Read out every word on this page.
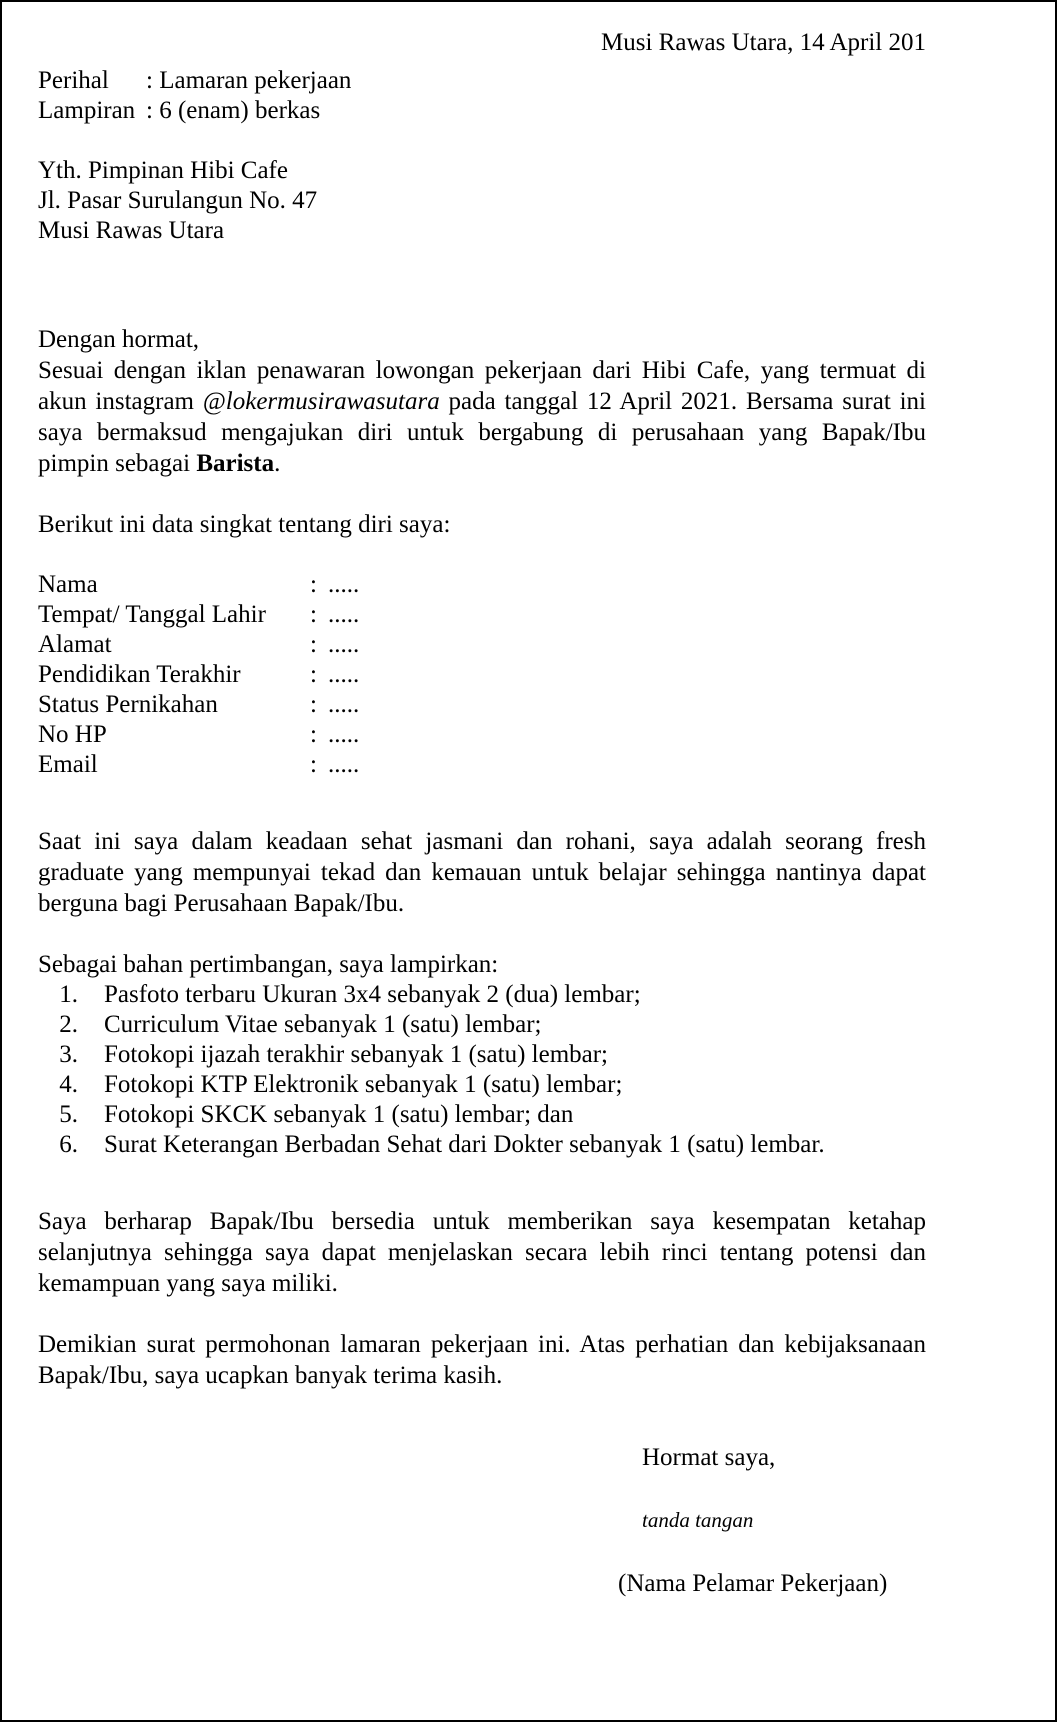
Musi Rawas Utara, 14 April 201
Perihal	: Lamaran pekerjaan
Lampiran : 6 (enam) berkas
Yth. Pimpinan Hibi Cafe
Jl. Pasar Surulangun No. 47
Musi Rawas Utara
Dengan hormat,

Sesuai dengan iklan penawaran lowongan pekerjaan dari Hibi Cafe, yang termuat di akun instagram @lokermusirawasutara pada tanggal 12 April 2021. Bersama surat ini saya bermaksud mengajukan diri untuk bergabung di perusahaan yang Bapak/Ibu pimpin sebagai Barista.

Berikut ini data singkat tentang diri saya:
Nama	: .....
Tempat/ Tanggal Lahir	: .....
Alamat	: .....
Pendidikan Terakhir	: .....
Status Pernikahan	: .....
No HP	: .....
Email	: .....

Saat ini saya dalam keadaan sehat jasmani dan rohani, saya adalah seorang fresh graduate yang mempunyai tekad dan kemauan untuk belajar sehingga nantinya dapat berguna bagi Perusahaan Bapak/Ibu.

Sebagai bahan pertimbangan, saya lampirkan:
1.	Pasfoto terbaru Ukuran 3x4 sebanyak 2 (dua) lembar;
2.	Curriculum Vitae sebanyak 1 (satu) lembar;
3.	Fotokopi ijazah terakhir sebanyak 1 (satu) lembar;
4.	Fotokopi KTP Elektronik sebanyak 1 (satu) lembar;
5.	Fotokopi SKCK sebanyak 1 (satu) lembar; dan
6.	Surat Keterangan Berbadan Sehat dari Dokter sebanyak 1 (satu) lembar.

Saya berharap Bapak/Ibu bersedia untuk memberikan saya kesempatan ketahap selanjutnya sehingga saya dapat menjelaskan secara lebih rinci tentang potensi dan kemampuan yang saya miliki.

Demikian surat permohonan lamaran pekerjaan ini. Atas perhatian dan kebijaksanaan Bapak/Ibu, saya ucapkan banyak terima kasih.

Hormat saya,
tanda tangan
(Nama Pelamar Pekerjaan)
